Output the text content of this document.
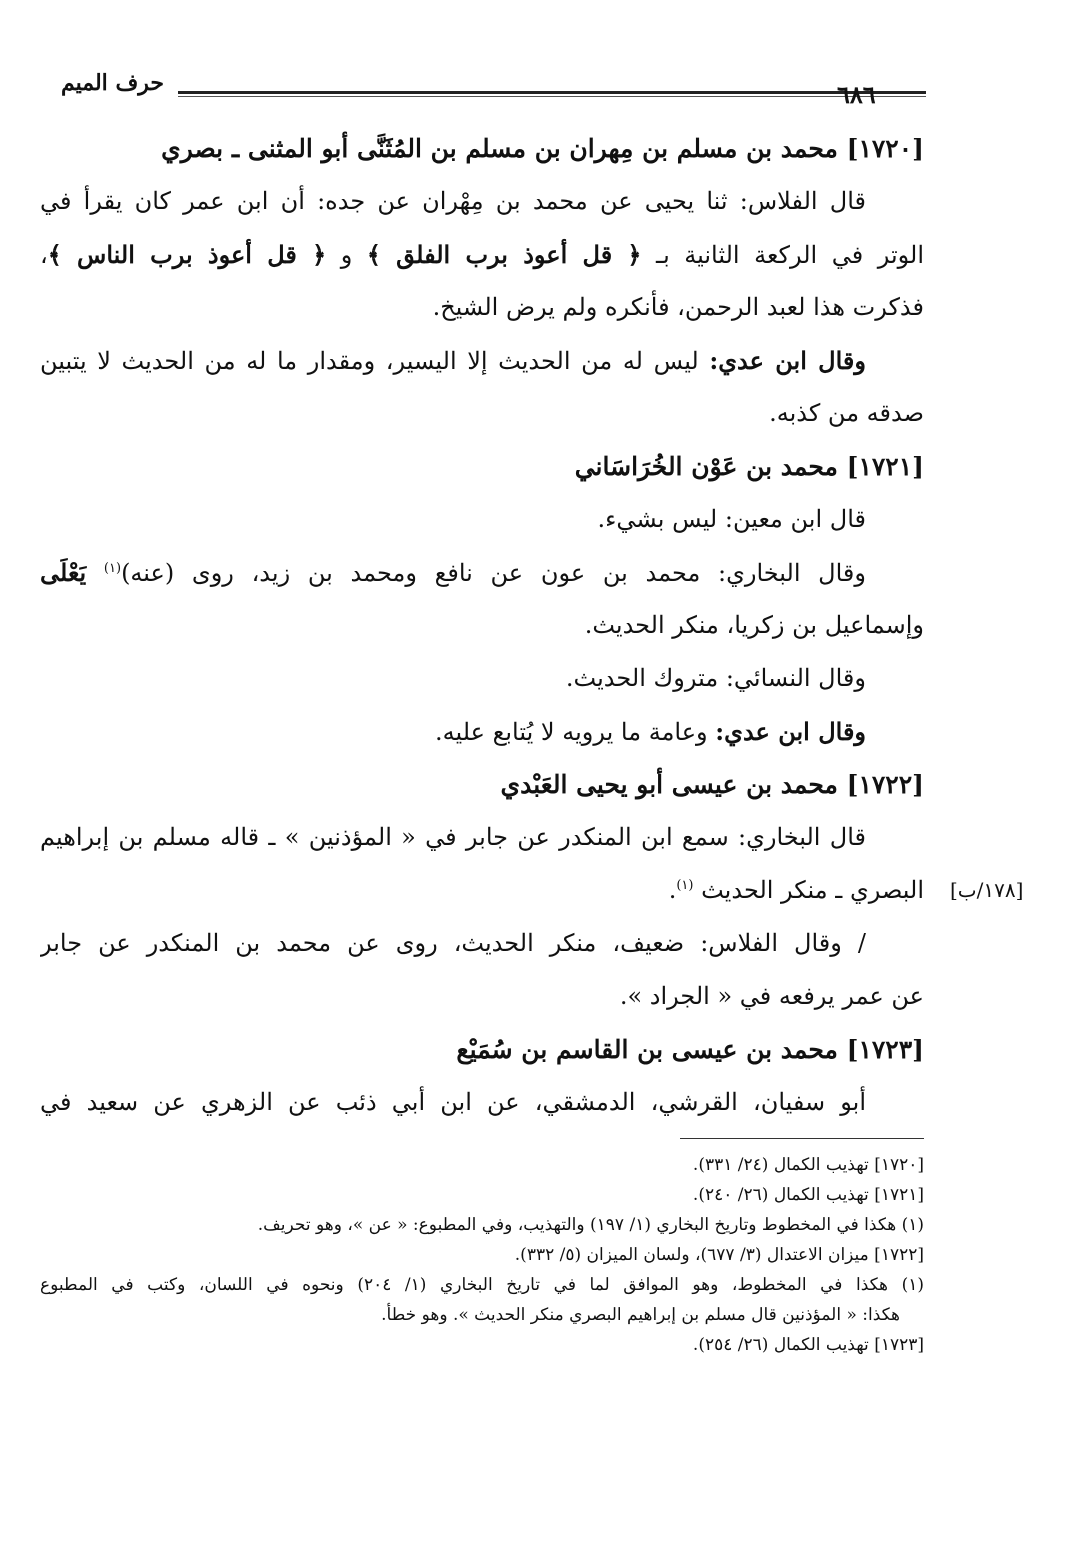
حرف الميم	٦٨٦
[١٧٢٠] محمد بن مسلم بن مِهران بن مسلم بن المُثَنَّى أبو المثنى ـ بصري
قال الفلاس: ثنا يحيى عن محمد بن مِهْران عن جده: أن ابن عمر كان يقرأ في
الوتر في الركعة الثانية بـ ﴿ قل أعوذ برب الفلق ﴾ و ﴿ قل أعوذ برب الناس ﴾،
فذكرت هذا لعبد الرحمن، فأنكره ولم يرض الشيخ.
وقال ابن عدي: ليس له من الحديث إلا اليسير، ومقدار ما له من الحديث لا يتبين
صدقه من كذبه.
[١٧٢١] محمد بن عَوْن الخُرَاسَاني
قال ابن معين: ليس بشيء.
وقال البخاري: محمد بن عون عن نافع ومحمد بن زيد، روى (عنه)$^{(١)}$ يَعْلَى
وإسماعيل بن زكريا، منكر الحديث.
وقال النسائي: متروك الحديث.
وقال ابن عدي: وعامة ما يرويه لا يُتابع عليه.
[١٧٢٢] محمد بن عيسى أبو يحيى العَبْدي
قال البخاري: سمع ابن المنكدر عن جابر في « المؤذنين » ـ قاله مسلم بن إبراهيم
البصري ـ منكر الحديث $^{(١)}$.
/ وقال الفلاس: ضعيف، منكر الحديث، روى عن محمد بن المنكدر عن جابر
عن عمر يرفعه في « الجراد ».
[١٧٢٣] محمد بن عيسى بن القاسم بن سُمَيْع
أبو سفيان، القرشي، الدمشقي، عن ابن أبي ذئب عن الزهري عن سعيد في
[١٧٨/ب]
[١٧٢٠] تهذيب الكمال (٢٤/ ٣٣١).
[١٧٢١] تهذيب الكمال (٢٦/ ٢٤٠).
(١) هكذا في المخطوط وتاريخ البخاري (١/ ١٩٧) والتهذيب، وفي المطبوع: « عن »، وهو تحريف.
[١٧٢٢] ميزان الاعتدال (٣/ ٦٧٧)، ولسان الميزان (٥/ ٣٣٢).
(١) هكذا في المخطوط، وهو الموافق لما في تاريخ البخاري (١/ ٢٠٤) ونحوه في اللسان، وكتب في المطبوع
هكذا: « المؤذنين قال مسلم بن إبراهيم البصري منكر الحديث ». وهو خطأ.
[١٧٢٣] تهذيب الكمال (٢٦/ ٢٥٤).
